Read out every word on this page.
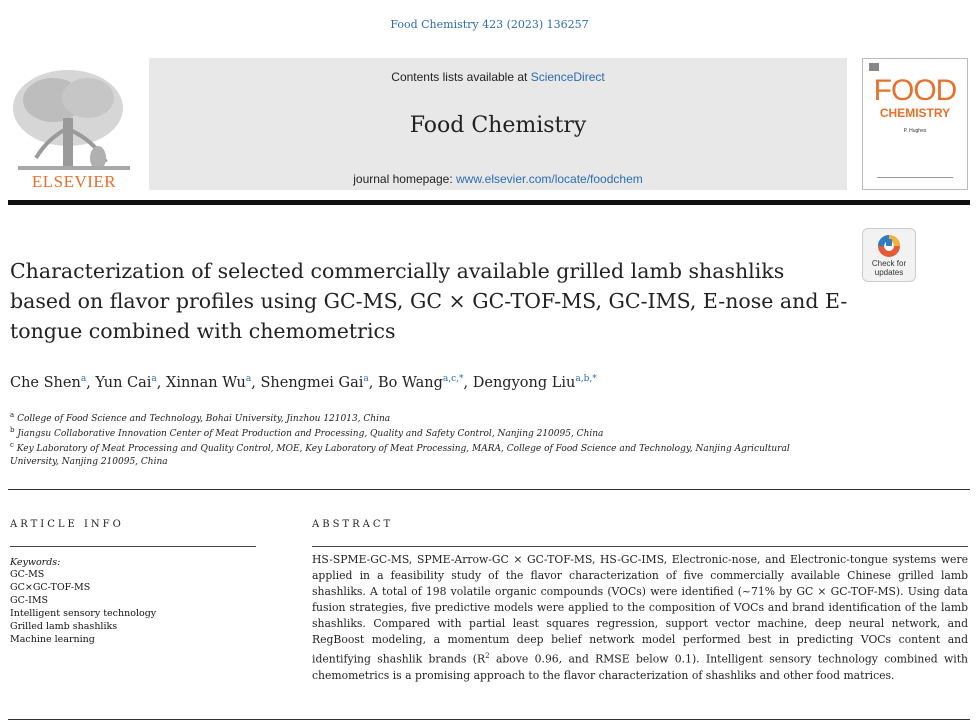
Food Chemistry 423 (2023) 136257
ELSEVIER
Contents lists available at ScienceDirect
Food Chemistry
journal homepage: www.elsevier.com/locate/foodchem
FOOD
CHEMISTRY
P. Hughes
Check for updates
Characterization of selected commercially available grilled lamb shashliks based on flavor profiles using GC-MS, GC × GC-TOF-MS, GC-IMS, E-nose and E-tongue combined with chemometrics
Che Shen$^a$, Yun Cai$^a$, Xinnan Wu$^a$, Shengmei Gai$^a$, Bo Wang$^{a,c,*}$, Dengyong Liu$^{a,b,*}$
$^a$ College of Food Science and Technology, Bohai University, Jinzhou 121013, China
$^b$ Jiangsu Collaborative Innovation Center of Meat Production and Processing, Quality and Safety Control, Nanjing 210095, China
$^c$ Key Laboratory of Meat Processing and Quality Control, MOE, Key Laboratory of Meat Processing, MARA, College of Food Science and Technology, Nanjing Agricultural University, Nanjing 210095, China
ARTICLE INFO	ABSTRACT
Keywords:
GC-MS
GC×GC-TOF-MS
GC-IMS
Intelligent sensory technology
Grilled lamb shashliks
Machine learning
HS-SPME-GC-MS, SPME-Arrow-GC × GC-TOF-MS, HS-GC-IMS, Electronic-nose, and Electronic-tongue systems were applied in a feasibility study of the flavor characterization of five commercially available Chinese grilled lamb shashliks. A total of 198 volatile organic compounds (VOCs) were identified (~71% by GC × GC-TOF-MS). Using data fusion strategies, five predictive models were applied to the composition of VOCs and brand identification of the lamb shashliks. Compared with partial least squares regression, support vector machine, deep neural network, and RegBoost modeling, a momentum deep belief network model performed best in predicting VOCs content and identifying shashlik brands ($R^2$ above 0.96, and RMSE below 0.1). Intelligent sensory technology combined with chemometrics is a promising approach to the flavor characterization of shashliks and other food matrices.
